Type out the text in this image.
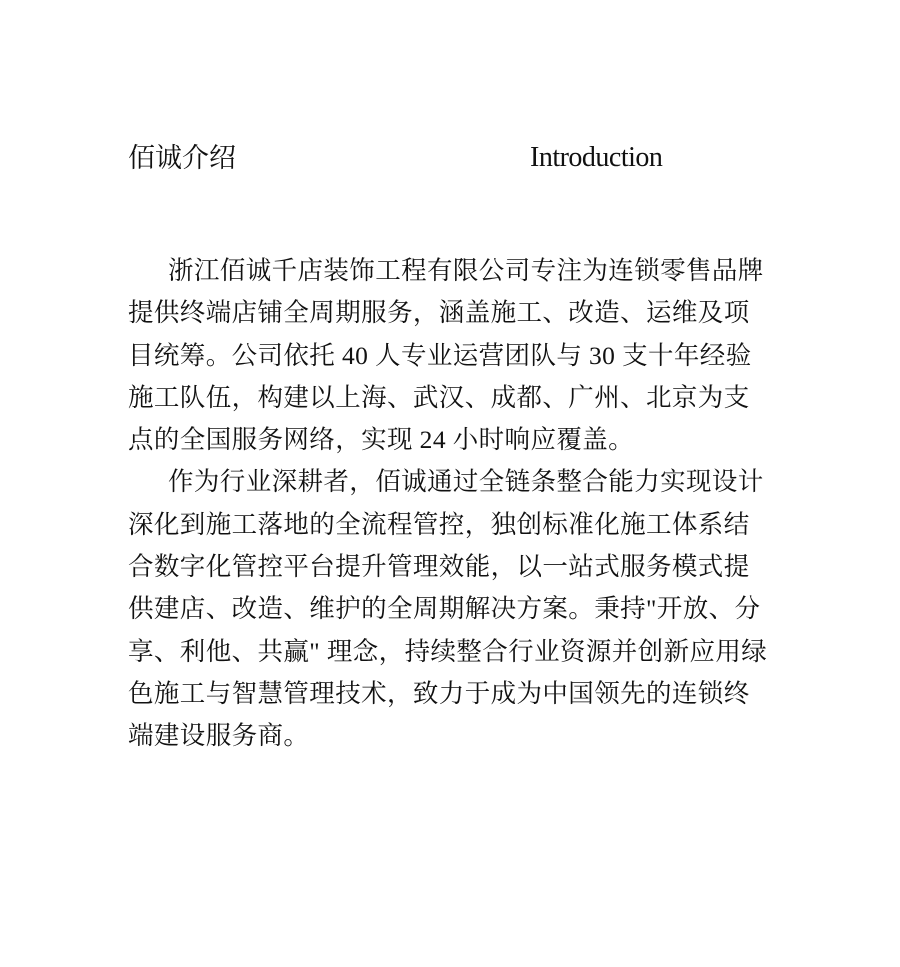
佰诚介绍	Introduction
浙江佰诚千店装饰工程有限公司专注为连锁零售品牌
提供终端店铺全周期服务，涵盖施工、改造、运维及项
目统筹。公司依托 40 人专业运营团队与 30 支十年经验
施工队伍，构建以上海、武汉、成都、广州、北京为支
点的全国服务网络，实现 24 小时响应覆盖。
作为行业深耕者，佰诚通过全链条整合能力实现设计
深化到施工落地的全流程管控，独创标准化施工体系结
合数字化管控平台提升管理效能，以一站式服务模式提
供建店、改造、维护的全周期解决方案。秉持"开放、分
享、利他、共赢" 理念，持续整合行业资源并创新应用绿
色施工与智慧管理技术，致力于成为中国领先的连锁终
端建设服务商。
